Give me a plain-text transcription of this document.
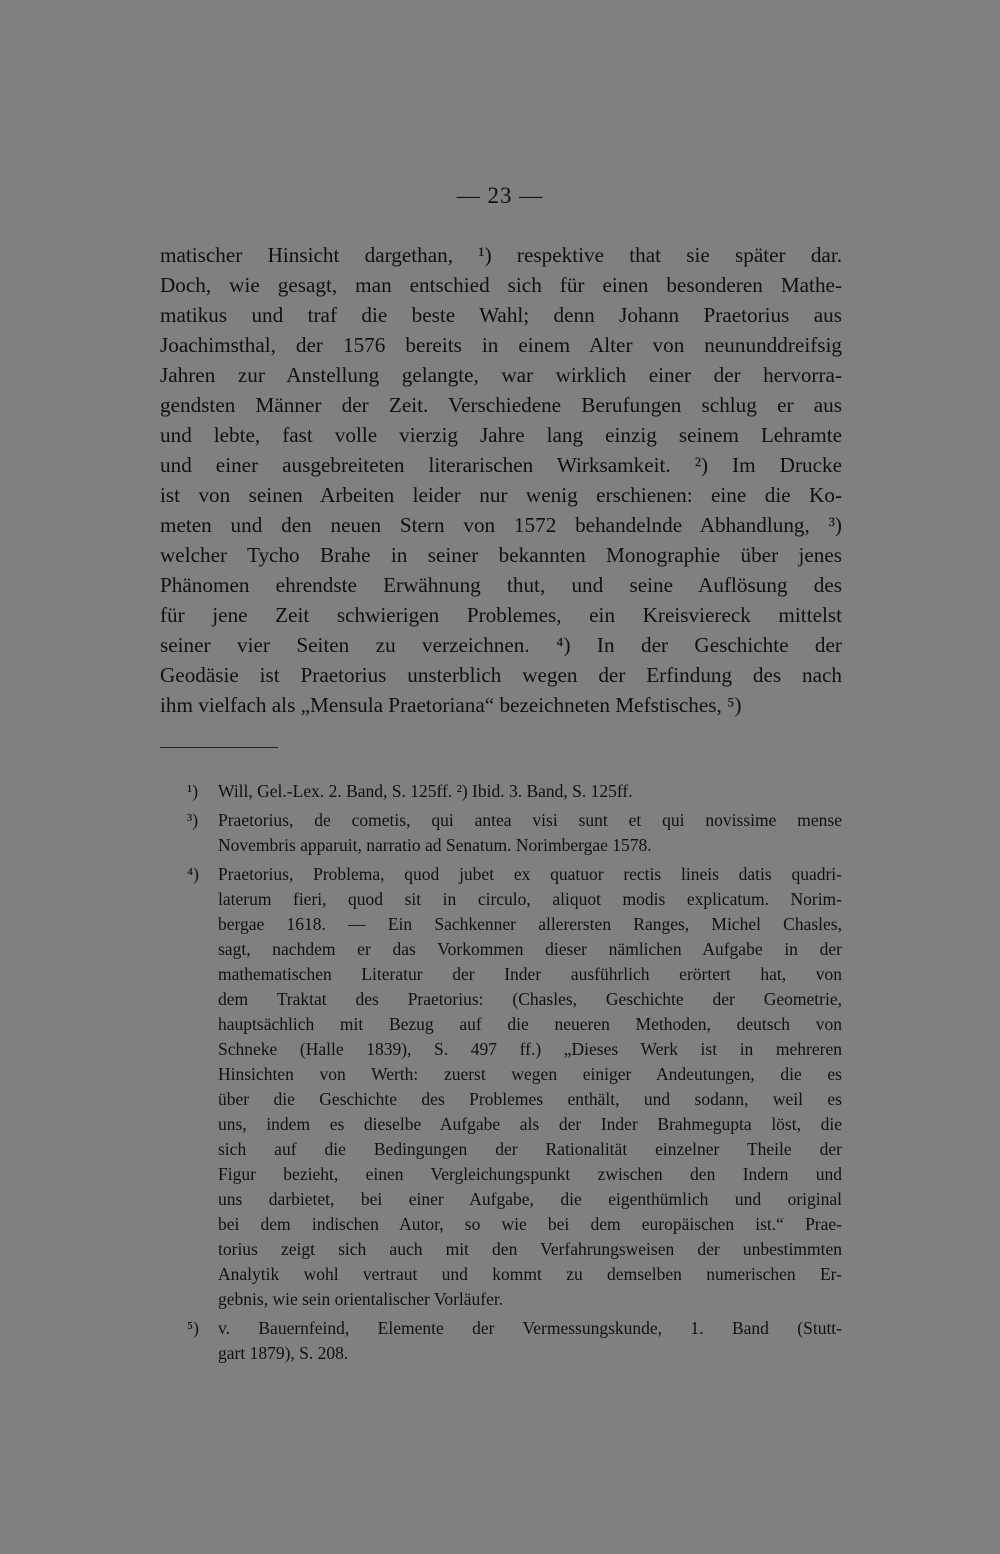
— 23 —
matischer Hinsicht dargethan, ¹) respektive that sie später dar.
Doch, wie gesagt, man entschied sich für einen besonderen Mathe-
matikus und traf die beste Wahl; denn Johann Praetorius aus
Joachimsthal, der 1576 bereits in einem Alter von neununddreifsig
Jahren zur Anstellung gelangte, war wirklich einer der hervorra-
gendsten Männer der Zeit. Verschiedene Berufungen schlug er aus
und lebte, fast volle vierzig Jahre lang einzig seinem Lehramte
und einer ausgebreiteten literarischen Wirksamkeit. ²) Im Drucke
ist von seinen Arbeiten leider nur wenig erschienen: eine die Ko-
meten und den neuen Stern von 1572 behandelnde Abhandlung, ³)
welcher Tycho Brahe in seiner bekannten Monographie über jenes
Phänomen ehrendste Erwähnung thut, und seine Auflösung des
für jene Zeit schwierigen Problemes, ein Kreisviereck mittelst
seiner vier Seiten zu verzeichnen. ⁴) In der Geschichte der
Geodäsie ist Praetorius unsterblich wegen der Erfindung des nach
ihm vielfach als „Mensula Praetoriana“ bezeichneten Mefstisches, ⁵)
¹) Will, Gel.-Lex. 2. Band, S. 125ff. ²) Ibid. 3. Band, S. 125ff.
³) Praetorius, de cometis, qui antea visi sunt et qui novissime mense
Novembris apparuit, narratio ad Senatum. Norimbergae 1578.
⁴) Praetorius, Problema, quod jubet ex quatuor rectis lineis datis quadri-
laterum fieri, quod sit in circulo, aliquot modis explicatum. Norim-
bergae 1618. — Ein Sachkenner allerersten Ranges, Michel Chasles,
sagt, nachdem er das Vorkommen dieser nämlichen Aufgabe in der
mathematischen Literatur der Inder ausführlich erörtert hat, von
dem Traktat des Praetorius: (Chasles, Geschichte der Geometrie,
hauptsächlich mit Bezug auf die neueren Methoden, deutsch von
Schneke (Halle 1839), S. 497 ff.) „Dieses Werk ist in mehreren
Hinsichten von Werth: zuerst wegen einiger Andeutungen, die es
über die Geschichte des Problemes enthält, und sodann, weil es
uns, indem es dieselbe Aufgabe als der Inder Brahmegupta löst, die
sich auf die Bedingungen der Rationalität einzelner Theile der
Figur bezieht, einen Vergleichungspunkt zwischen den Indern und
uns darbietet, bei einer Aufgabe, die eigenthümlich und original
bei dem indischen Autor, so wie bei dem europäischen ist.“ Prae-
torius zeigt sich auch mit den Verfahrungsweisen der unbestimmten
Analytik wohl vertraut und kommt zu demselben numerischen Er-
gebnis, wie sein orientalischer Vorläufer.
⁵) v. Bauernfeind, Elemente der Vermessungskunde, 1. Band (Stutt-
gart 1879), S. 208.
